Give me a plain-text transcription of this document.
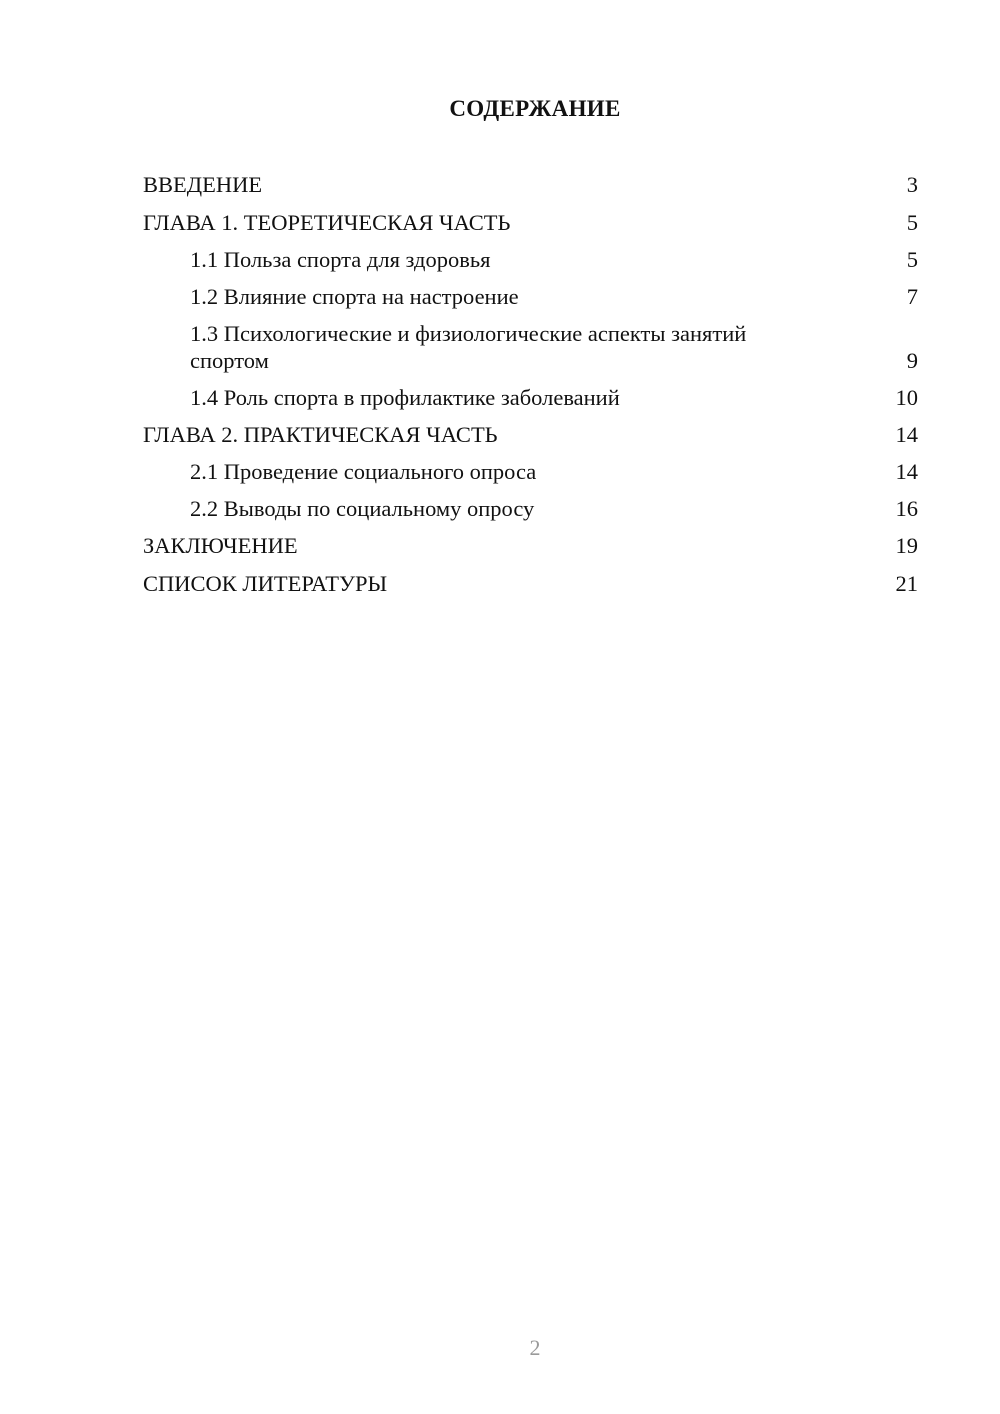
СОДЕРЖАНИЕ
ВВЕДЕНИЕ	3
ГЛАВА 1. ТЕОРЕТИЧЕСКАЯ ЧАСТЬ	5
1.1 Польза спорта для здоровья	5
1.2 Влияние спорта на настроение	7
1.3 Психологические и физиологические аспекты занятий спортом	9
1.4 Роль спорта в профилактике заболеваний	10
ГЛАВА 2. ПРАКТИЧЕСКАЯ ЧАСТЬ	14
2.1 Проведение социального опроса	14
2.2 Выводы по социальному опросу	16
ЗАКЛЮЧЕНИЕ	19
СПИСОК ЛИТЕРАТУРЫ	21
2
